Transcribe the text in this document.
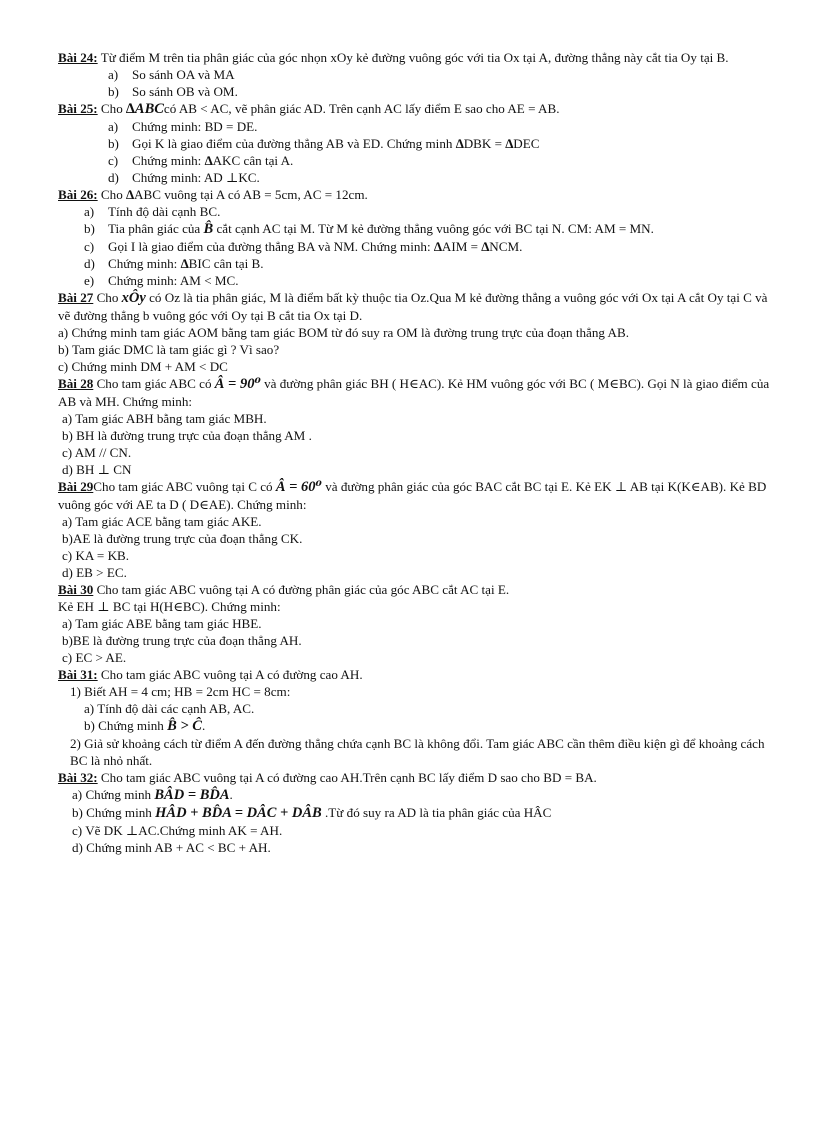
Bài 24: Từ điểm M trên tia phân giác của góc nhọn xOy kẻ đường vuông góc với tia Ox tại A, đường thẳng này cắt tia Oy tại B.
a) So sánh OA và MA
b) So sánh OB và OM.
Bài 25: Cho ∆ABCcó AB < AC, vẽ phân giác AD. Trên cạnh AC lấy điểm E sao cho AE = AB.
a) Chứng minh: BD = DE.
b) Gọi K là giao điểm của đường thẳng AB và ED. Chứng minh ∆DBK = ∆DEC
c) Chứng minh: ∆AKC cân tại A.
d) Chứng minh: AD ⊥KC.
Bài 26: Cho ∆ABC vuông tại A có AB = 5cm, AC = 12cm.
a) Tính độ dài cạnh BC.
b) Tia phân giác của B̂ cắt cạnh AC tại M. Từ M kẻ đường thẳng vuông góc với BC tại N. CM: AM = MN.
c) Gọi I là giao điểm của đường thẳng BA và NM. Chứng minh: ∆AIM = ∆NCM.
d) Chứng minh: ∆BIC cân tại B.
e) Chứng minh: AM < MC.
Bài 27 Cho xÔy có Oz là tia phân giác, M là điểm bất kỳ thuộc tia Oz.Qua M kẻ đường thẳng a vuông góc với Ox tại A cắt Oy tại C và vẽ đường thẳng b vuông góc với Oy tại B cắt tia Ox tại D.
a) Chứng minh tam giác AOM bằng tam giác BOM từ đó suy ra OM là đường trung trực của đoạn thẳng AB.
b) Tam giác DMC là tam giác gì ? Vì sao?
c) Chứng minh DM + AM < DC
Bài 28 Cho tam giác ABC có Â = 90⁰ và đường phân giác BH ( H∈AC). Kẻ HM vuông góc với BC ( M∈BC). Gọi N là giao điểm của AB và MH. Chứng minh:
a) Tam giác ABH bằng tam giác MBH.
b) BH là đường trung trực của đoạn thẳng AM .
c) AM // CN.
d) BH ⊥ CN
Bài 29Cho tam giác ABC vuông tại C có Â = 60⁰ và đường phân giác của góc BAC cắt BC tại E. Kẻ EK ⊥ AB tại K(K∈AB). Kẻ BD vuông góc với AE ta D ( D∈AE). Chứng minh:
a) Tam giác ACE bằng tam giác AKE.
b)AE là đường trung trực của đoạn thẳng CK.
c) KA = KB.
d) EB > EC.
Bài 30 Cho tam giác ABC vuông tại A có đường phân giác của góc ABC cắt AC tại E.
Kẻ EH ⊥ BC tại H(H∈BC). Chứng minh:
a) Tam giác ABE bằng tam giác HBE.
b)BE là đường trung trực của đoạn thẳng AH.
c) EC > AE.
Bài 31: Cho tam giác ABC vuông tại A có đường cao AH.
1) Biết AH = 4 cm; HB = 2cm HC = 8cm:
a) Tính độ dài các cạnh AB, AC.
b) Chứng minh B̂ > Ĉ.
2) Giả sử khoảng cách từ điểm A đến đường thẳng chứa cạnh BC là không đổi. Tam giác ABC cần thêm điều kiện gì để khoảng cách BC là nhỏ nhất.
Bài 32: Cho tam giác ABC vuông tại A có đường cao AH.Trên cạnh BC lấy điểm D sao cho BD = BA.
a) Chứng minh BÂD = BD̂A.
b) Chứng minh HÂD + BD̂A = DÂC + DÂB .Từ đó suy ra AD là tia phân giác của HÂC
c) Vẽ DK ⊥AC.Chứng minh AK = AH.
d) Chứng minh AB + AC < BC + AH.
